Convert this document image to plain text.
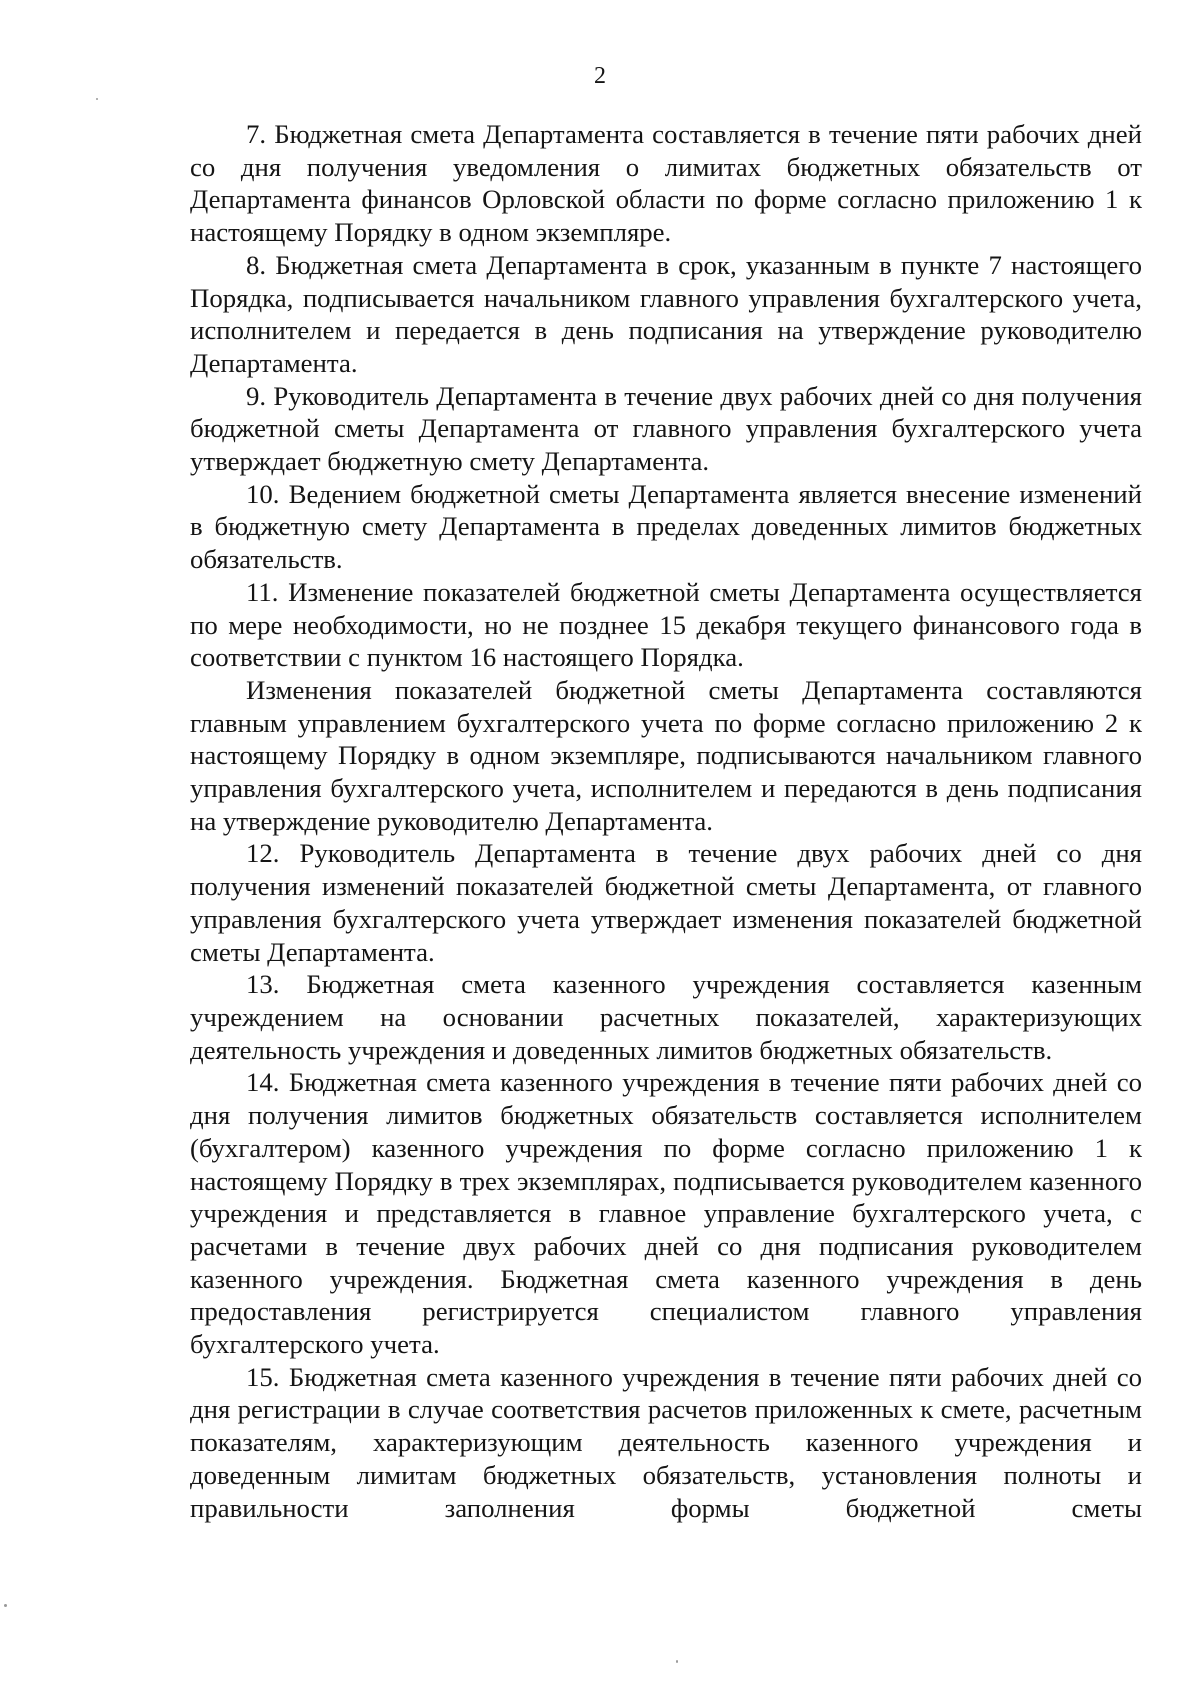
2

7. Бюджетная смета Департамента составляется в течение пяти рабочих дней со дня получения уведомления о лимитах бюджетных обязательств от Департамента финансов Орловской области по форме согласно приложению 1 к настоящему Порядку в одном экземпляре.

8. Бюджетная смета Департамента в срок, указанным в пункте 7 настоящего Порядка, подписывается начальником главного управления бухгалтерского учета, исполнителем и передается в день подписания на утверждение руководителю Департамента.

9. Руководитель Департамента в течение двух рабочих дней со дня получения бюджетной сметы Департамента от главного управления бухгалтерского учета утверждает бюджетную смету Департамента.

10. Ведением бюджетной сметы Департамента является внесение изменений в бюджетную смету Департамента в пределах доведенных лимитов бюджетных обязательств.

11. Изменение показателей бюджетной сметы Департамента осуществляется по мере необходимости, но не позднее 15 декабря текущего финансового года в соответствии с пунктом 16 настоящего Порядка.

Изменения показателей бюджетной сметы Департамента составляются главным управлением бухгалтерского учета по форме согласно приложению 2 к настоящему Порядку в одном экземпляре, подписываются начальником главного управления бухгалтерского учета, исполнителем и передаются в день подписания на утверждение руководителю Департамента.

12. Руководитель Департамента в течение двух рабочих дней со дня получения изменений показателей бюджетной сметы Департамента, от главного управления бухгалтерского учета утверждает изменения показателей бюджетной сметы Департамента.

13. Бюджетная смета казенного учреждения составляется казенным учреждением на основании расчетных показателей, характеризующих деятельность учреждения и доведенных лимитов бюджетных обязательств.

14. Бюджетная смета казенного учреждения в течение пяти рабочих дней со дня получения лимитов бюджетных обязательств составляется исполнителем (бухгалтером) казенного учреждения по форме согласно приложению 1 к настоящему Порядку в трех экземплярах, подписывается руководителем казенного учреждения и представляется в главное управление бухгалтерского учета, с расчетами в течение двух рабочих дней со дня подписания руководителем казенного учреждения. Бюджетная смета казенного учреждения в день предоставления регистрируется специалистом главного управления бухгалтерского учета.

15. Бюджетная смета казенного учреждения в течение пяти рабочих дней со дня регистрации в случае соответствия расчетов приложенных к смете, расчетным показателям, характеризующим деятельность казенного учреждения и доведенным лимитам бюджетных обязательств, установления полноты и правильности заполнения формы бюджетной сметы
